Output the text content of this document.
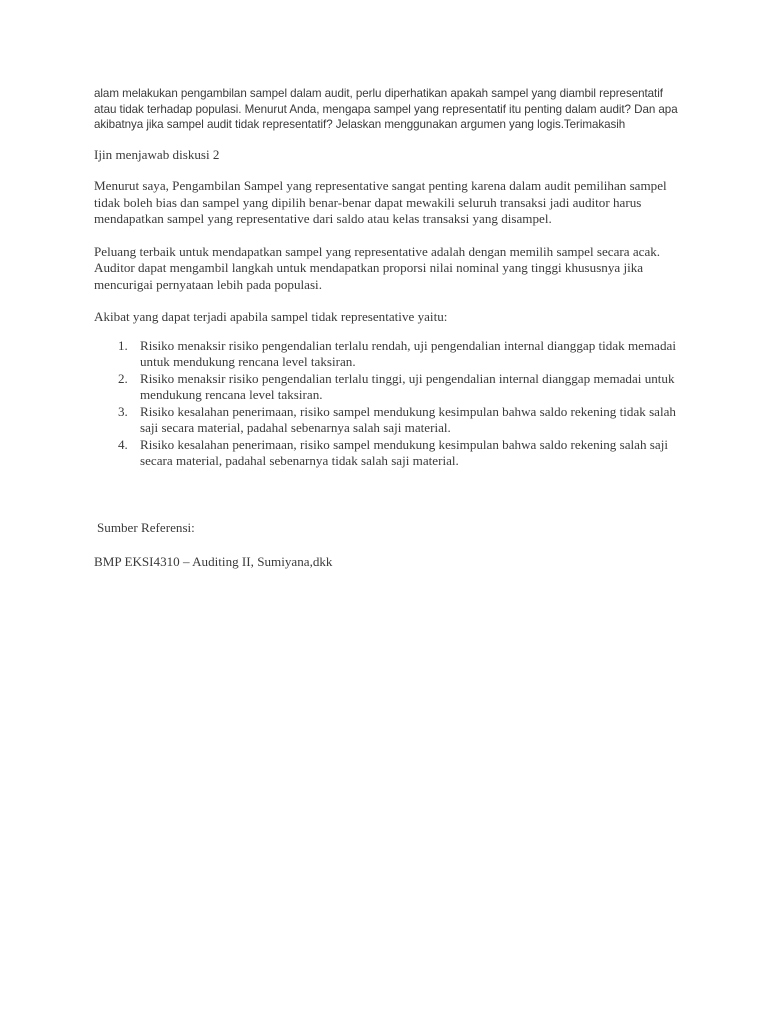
alam melakukan pengambilan sampel dalam audit, perlu diperhatikan apakah sampel yang diambil representatif atau tidak terhadap populasi. Menurut Anda, mengapa sampel yang representatif itu penting dalam audit? Dan apa akibatnya jika sampel audit tidak representatif? Jelaskan menggunakan argumen yang logis.Terimakasih

Ijin menjawab diskusi 2

Menurut saya, Pengambilan Sampel yang representative sangat penting karena dalam audit pemilihan sampel tidak boleh bias dan sampel yang dipilih benar-benar dapat mewakili seluruh transaksi jadi auditor harus mendapatkan sampel yang representative dari saldo atau kelas transaksi yang disampel.

Peluang terbaik untuk mendapatkan sampel yang representative adalah dengan memilih sampel secara acak. Auditor dapat mengambil langkah untuk mendapatkan proporsi nilai nominal yang tinggi khususnya jika mencurigai pernyataan lebih pada populasi.

Akibat yang dapat terjadi apabila sampel tidak representative yaitu:

1. Risiko menaksir risiko pengendalian terlalu rendah, uji pengendalian internal dianggap tidak memadai untuk mendukung rencana level taksiran.
2. Risiko menaksir risiko pengendalian terlalu tinggi, uji pengendalian internal dianggap memadai untuk mendukung rencana level taksiran.
3. Risiko kesalahan penerimaan, risiko sampel mendukung kesimpulan bahwa saldo rekening tidak salah saji secara material, padahal sebenarnya salah saji material.
4. Risiko kesalahan penerimaan, risiko sampel mendukung kesimpulan bahwa saldo rekening salah saji secara material, padahal sebenarnya tidak salah saji material.

Sumber Referensi:

BMP EKSI4310 – Auditing II, Sumiyana,dkk
